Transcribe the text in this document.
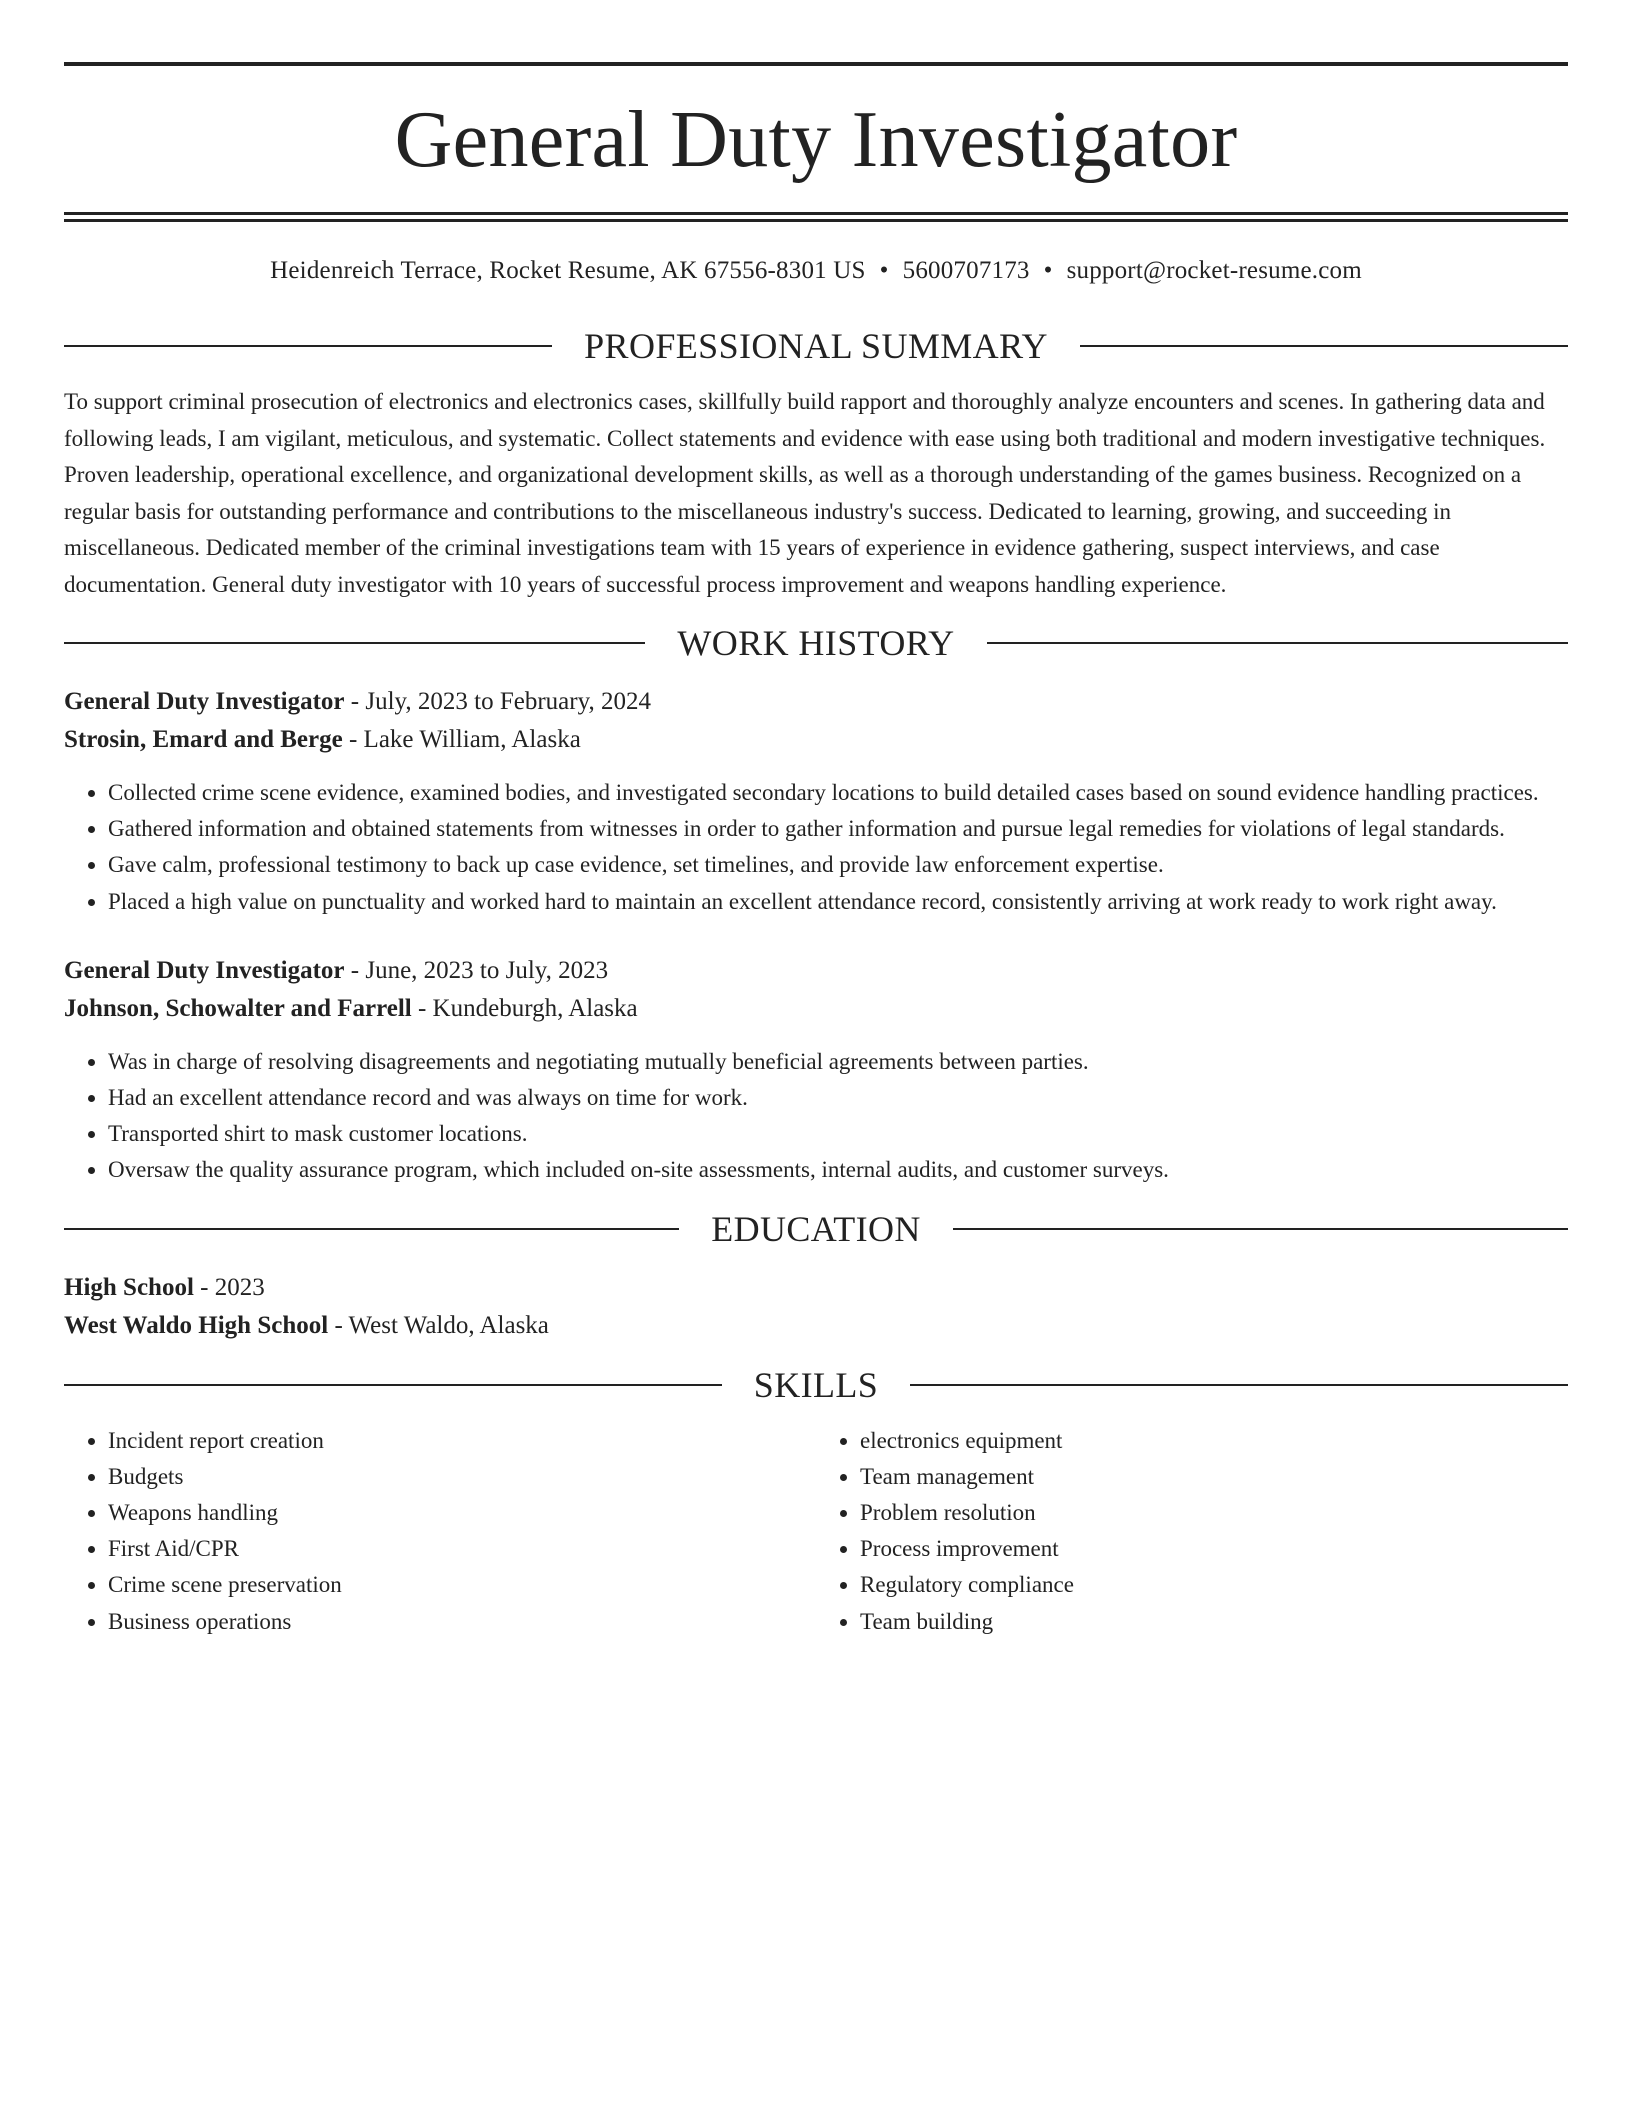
General Duty Investigator
Heidenreich Terrace, Rocket Resume, AK 67556-8301 US • 5600707173 • support@rocket-resume.com
PROFESSIONAL SUMMARY

To support criminal prosecution of electronics and electronics cases, skillfully build rapport and thoroughly analyze encounters and scenes. In gathering data and following leads, I am vigilant, meticulous, and systematic. Collect statements and evidence with ease using both traditional and modern investigative techniques. Proven leadership, operational excellence, and organizational development skills, as well as a thorough understanding of the games business. Recognized on a regular basis for outstanding performance and contributions to the miscellaneous industry's success. Dedicated to learning, growing, and succeeding in miscellaneous. Dedicated member of the criminal investigations team with 15 years of experience in evidence gathering, suspect interviews, and case documentation. General duty investigator with 10 years of successful process improvement and weapons handling experience.

WORK HISTORY

General Duty Investigator - July, 2023 to February, 2024

Strosin, Emard and Berge - Lake William, Alaska

• Collected crime scene evidence, examined bodies, and investigated secondary locations to build detailed cases based on sound evidence handling practices.
• Gathered information and obtained statements from witnesses in order to gather information and pursue legal remedies for violations of legal standards.
• Gave calm, professional testimony to back up case evidence, set timelines, and provide law enforcement expertise.
• Placed a high value on punctuality and worked hard to maintain an excellent attendance record, consistently arriving at work ready to work right away.

General Duty Investigator - June, 2023 to July, 2023

Johnson, Schowalter and Farrell - Kundeburgh, Alaska

• Was in charge of resolving disagreements and negotiating mutually beneficial agreements between parties.
• Had an excellent attendance record and was always on time for work.
• Transported shirt to mask customer locations.
• Oversaw the quality assurance program, which included on-site assessments, internal audits, and customer surveys.
EDUCATION

High School - 2023

West Waldo High School - West Waldo, Alaska

SKILLS
• Incident report creation
• Budgets
• Weapons handling
• First Aid/CPR
• Crime scene preservation
• Business operations
• electronics equipment
• Team management
• Problem resolution
• Process improvement
• Regulatory compliance
• Team building
